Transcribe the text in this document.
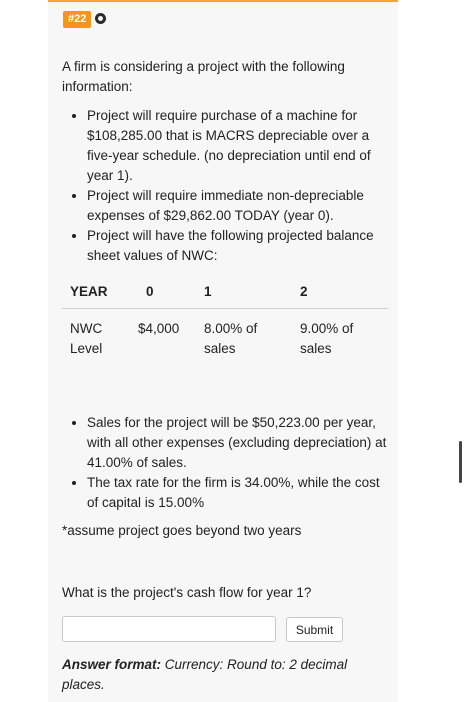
#22
A firm is considering a project with the following information:
• Project will require purchase of a machine for $108,285.00 that is MACRS depreciable over a five-year schedule. (no depreciation until end of year 1).
• Project will require immediate non-depreciable expenses of $29,862.00 TODAY (year 0).
• Project will have the following projected balance sheet values of NWC:
YEAR	0	1	2
NWC Level	$4,000	8.00% of sales	9.00% of sales
• Sales for the project will be $50,223.00 per year, with all other expenses (excluding depreciation) at 41.00% of sales.
• The tax rate for the firm is 34.00%, while the cost of capital is 15.00%
*assume project goes beyond two years
What is the project's cash flow for year 1?
Submit
Answer format: Currency: Round to: 2 decimal places.
